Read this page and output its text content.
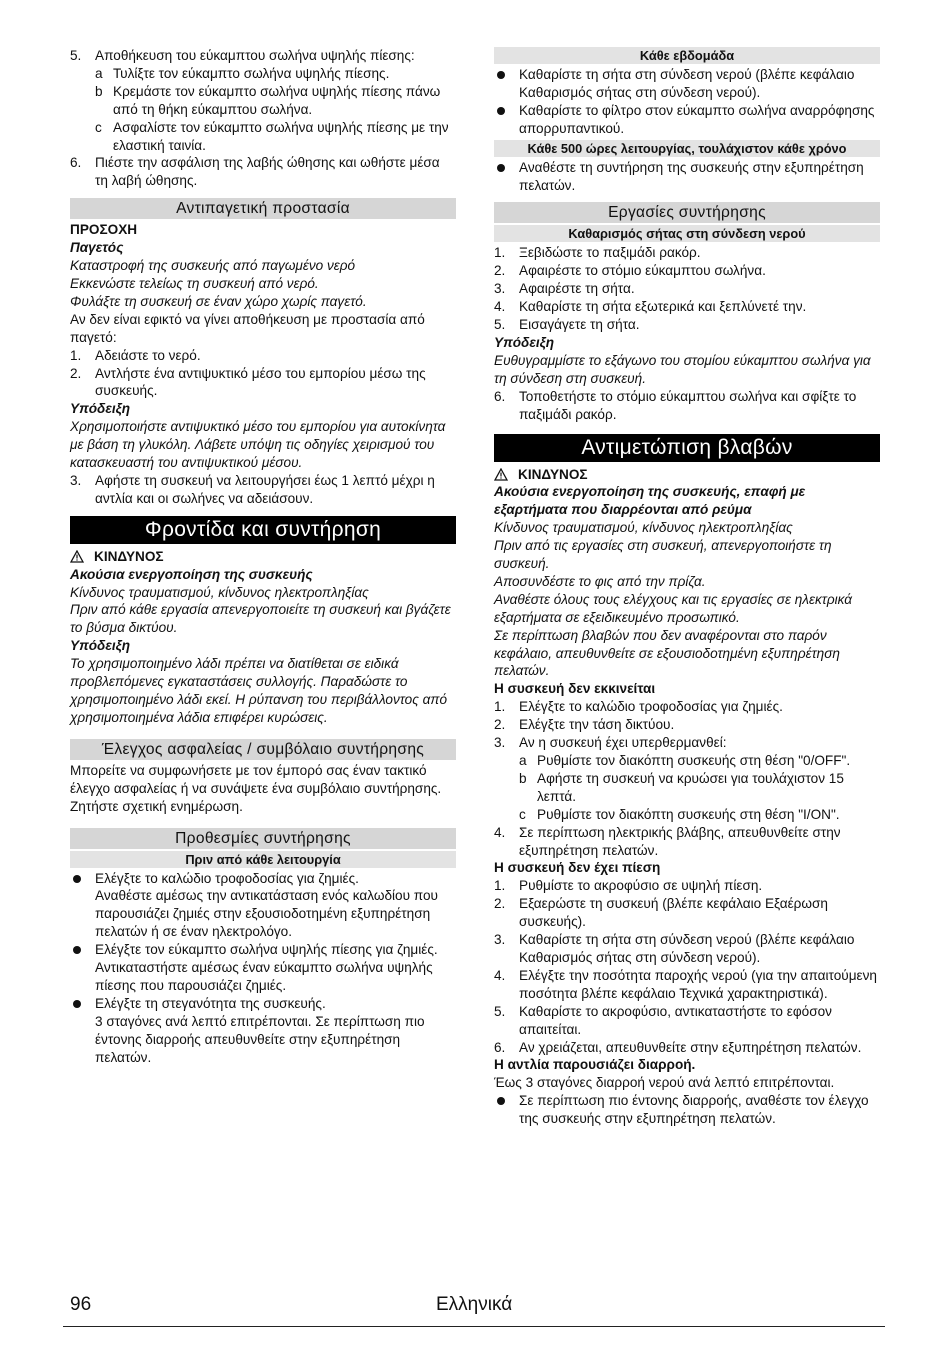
5.	Αποθήκευση του εύκαμπτου σωλήνα υψηλής πίεσης:
a Τυλίξτε τον εύκαμπτο σωλήνα υψηλής πίεσης.
b Κρεμάστε τον εύκαμπτο σωλήνα υψηλής πίεσης πάνω από τη θήκη εύκαμπτου σωλήνα.
c Ασφαλίστε τον εύκαμπτο σωλήνα υψηλής πίεσης με την ελαστική ταινία.
6.	Πιέστε την ασφάλιση της λαβής ώθησης και ωθήστε μέσα τη λαβή ώθησης.
Αντιπαγετική προστασία

ΠΡΟΣΟΧΗ

Παγετός

Καταστροφή της συσκευής από παγωμένο νερό

Εκκενώστε τελείως τη συσκευή από νερό.

Φυλάξτε τη συσκευή σε έναν χώρο χωρίς παγετό.

Αν δεν είναι εφικτό να γίνει αποθήκευση με προστασία από παγετό:

1.	Αδειάστε το νερό.
2.	Αντλήστε ένα αντιψυκτικό μέσο του εμπορίου μέσω της συσκευής.

Υπόδειξη

Χρησιμοποιήστε αντιψυκτικό μέσο του εμπορίου για αυτοκίνητα με βάση τη γλυκόλη. Λάβετε υπόψη τις οδηγίες χειρισμού του κατασκευαστή του αντιψυκτικού μέσου.

3.	Αφήστε τη συσκευή να λειτουργήσει έως 1 λεπτό μέχρι η αντλία και οι σωλήνες να αδειάσουν.
Φροντίδα και συντήρηση
ΚΙΝΔΥΝΟΣ

Ακούσια ενεργοποίηση της συσκευής

Κίνδυνος τραυματισμού, κίνδυνος ηλεκτροπληξίας

Πριν από κάθε εργασία απενεργοποιείτε τη συσκευή και βγάζετε το βύσμα δικτύου.

Υπόδειξη

Το χρησιμοποιημένο λάδι πρέπει να διατίθεται σε ειδικά προβλεπόμενες εγκαταστάσεις συλλογής. Παραδώστε το χρησιμοποιημένο λάδι εκεί. Η ρύπανση του περιβάλλοντος από χρησιμοποιημένα λάδια επιφέρει κυρώσεις.

Έλεγχος ασφαλείας / συμβόλαιο συντήρησης

Μπορείτε να συμφωνήσετε με τον έμπορό σας έναν τακτικό έλεγχο ασφαλείας ή να συνάψετε ένα συμβόλαιο συντήρησης. Ζητήστε σχετική ενημέρωση.

Προθεσμίες συντήρησης
Πριν από κάθε λειτουργία
Ελέγξτε το καλώδιο τροφοδοσίας για ζημιές.

Αναθέστε αμέσως την αντικατάσταση ενός καλωδίου που παρουσιάζει ζημιές στην εξουσιοδοτημένη εξυπηρέτηση πελατών ή σε έναν ηλεκτρολόγο.

Ελέγξτε τον εύκαμπτο σωλήνα υψηλής πίεσης για ζημιές.

Αντικαταστήστε αμέσως έναν εύκαμπτο σωλήνα υψηλής πίεσης που παρουσιάζει ζημιές.

Ελέγξτε τη στεγανότητα της συσκευής.

3 σταγόνες ανά λεπτό επιτρέπονται. Σε περίπτωση πιο έντονης διαρροής απευθυνθείτε στην εξυπηρέτηση πελατών.

Κάθε εβδομάδα
Καθαρίστε τη σήτα στη σύνδεση νερού (βλέπε κεφάλαιο Καθαρισμός σήτας στη σύνδεση νερού).
Καθαρίστε το φίλτρο στον εύκαμπτο σωλήνα αναρρόφησης απορρυπαντικού.
Κάθε 500 ώρες λειτουργίας, τουλάχιστον κάθε χρόνο
Αναθέστε τη συντήρηση της συσκευής στην εξυπηρέτηση πελατών.
Εργασίες συντήρησης
Καθαρισμός σήτας στη σύνδεση νερού
1.	Ξεβιδώστε το παξιμάδι ρακόρ.
2.	Αφαιρέστε το στόμιο εύκαμπτου σωλήνα.
3.	Αφαιρέστε τη σήτα.
4.	Καθαρίστε τη σήτα εξωτερικά και ξεπλύνετέ την.
5.	Εισαγάγετε τη σήτα.

Υπόδειξη

Ευθυγραμμίστε το εξάγωνο του στομίου εύκαμπτου σωλήνα για τη σύνδεση στη συσκευή.

6.	Τοποθετήστε το στόμιο εύκαμπτου σωλήνα και σφίξτε το παξιμάδι ρακόρ.
Αντιμετώπιση βλαβών
ΚΙΝΔΥΝΟΣ

Ακούσια ενεργοποίηση της συσκευής, επαφή με εξαρτήματα που διαρρέονται από ρεύμα

Κίνδυνος τραυματισμού, κίνδυνος ηλεκτροπληξίας

Πριν από τις εργασίες στη συσκευή, απενεργοποιήστε τη συσκευή.

Αποσυνδέστε το φις από την πρίζα.

Αναθέστε όλους τους ελέγχους και τις εργασίες σε ηλεκτρικά εξαρτήματα σε εξειδικευμένο προσωπικό.

Σε περίπτωση βλαβών που δεν αναφέρονται στο παρόν κεφάλαιο, απευθυνθείτε σε εξουσιοδοτημένη εξυπηρέτηση πελατών.

Η συσκευή δεν εκκινείται

1.	Ελέγξτε το καλώδιο τροφοδοσίας για ζημιές.
2.	Ελέγξτε την τάση δικτύου.
3.	Αν η συσκευή έχει υπερθερμανθεί:
a Ρυθμίστε τον διακόπτη συσκευής στη θέση "0/OFF".
b Αφήστε τη συσκευή να κρυώσει για τουλάχιστον 15 λεπτά.
c Ρυθμίστε τον διακόπτη συσκευής στη θέση "I/ON".
4.	Σε περίπτωση ηλεκτρικής βλάβης, απευθυνθείτε στην εξυπηρέτηση πελατών.

Η συσκευή δεν έχει πίεση

1.	Ρυθμίστε το ακροφύσιο σε υψηλή πίεση.
2.	Εξαερώστε τη συσκευή (βλέπε κεφάλαιο Εξαέρωση συσκευής).
3.	Καθαρίστε τη σήτα στη σύνδεση νερού (βλέπε κεφάλαιο Καθαρισμός σήτας στη σύνδεση νερού).
4.	Ελέγξτε την ποσότητα παροχής νερού (για την απαιτούμενη ποσότητα βλέπε κεφάλαιο Τεχνικά χαρακτηριστικά).
5.	Καθαρίστε το ακροφύσιο, αντικαταστήστε το εφόσον απαιτείται.
6.	Αν χρειάζεται, απευθυνθείτε στην εξυπηρέτηση πελατών.

Η αντλία παρουσιάζει διαρροή.

Έως 3 σταγόνες διαρροή νερού ανά λεπτό επιτρέπονται.

Σε περίπτωση πιο έντονης διαρροής, αναθέστε τον έλεγχο της συσκευής στην εξυπηρέτηση πελατών.
96	Ελληνικά
